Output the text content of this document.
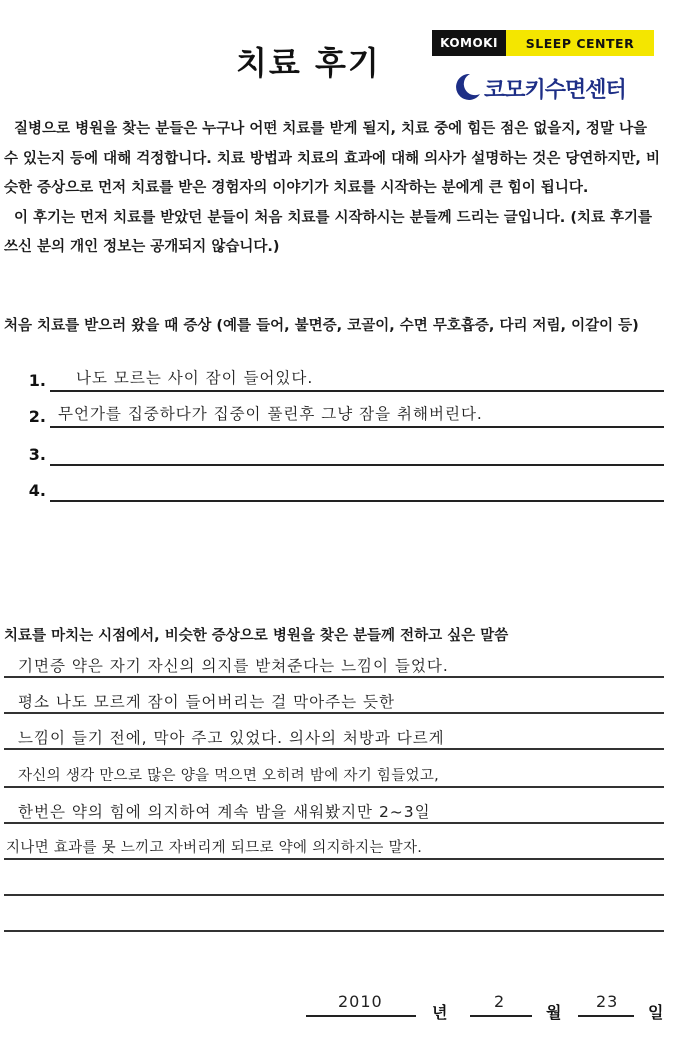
치료 후기
KOMOKI	SLEEP CENTER
코모키수면센터

질병으로 병원을 찾는 분들은 누구나 어떤 치료를 받게 될지, 치료 중에 힘든 점은 없을지, 정말 나을 수 있는지 등에 대해 걱정합니다. 치료 방법과 치료의 효과에 대해 의사가 설명하는 것은 당연하지만, 비슷한 증상으로 먼저 치료를 받은 경험자의 이야기가 치료를 시작하는 분에게 큰 힘이 됩니다.
이 후기는 먼저 치료를 받았던 분들이 처음 치료를 시작하시는 분들께 드리는 글입니다. (치료 후기를 쓰신 분의 개인 정보는 공개되지 않습니다.)

처음 치료를 받으러 왔을 때 증상 (예를 들어, 불면증, 코골이, 수면 무호흡증, 다리 저림, 이갈이 등)

1. 나도 모르는 사이 잠이 들어있다.
2. 무언가를 집중하다가 집중이 풀린후 그냥 잠을 취해버린다.
3.
4.

치료를 마치는 시점에서, 비슷한 증상으로 병원을 찾은 분들께 전하고 싶은 말씀

기면증 약은 자기 자신의 의지를 받쳐준다는 느낌이 들었다.
평소 나도 모르게 잠이 들어버리는 걸 막아주는 듯한
느낌이 들기 전에, 막아 주고 있었다. 의사의 처방과 다르게
자신의 생각 만으로 많은 양을 먹으면 오히려 밤에 자기 힘들었고,
한번은 약의 힘에 의지하여 계속 밤을 새워봤지만 2~3일
지나면 효과를 못 느끼고 자버리게 되므로 약에 의지하지는 말자.
2010
년
2
월
23
일
